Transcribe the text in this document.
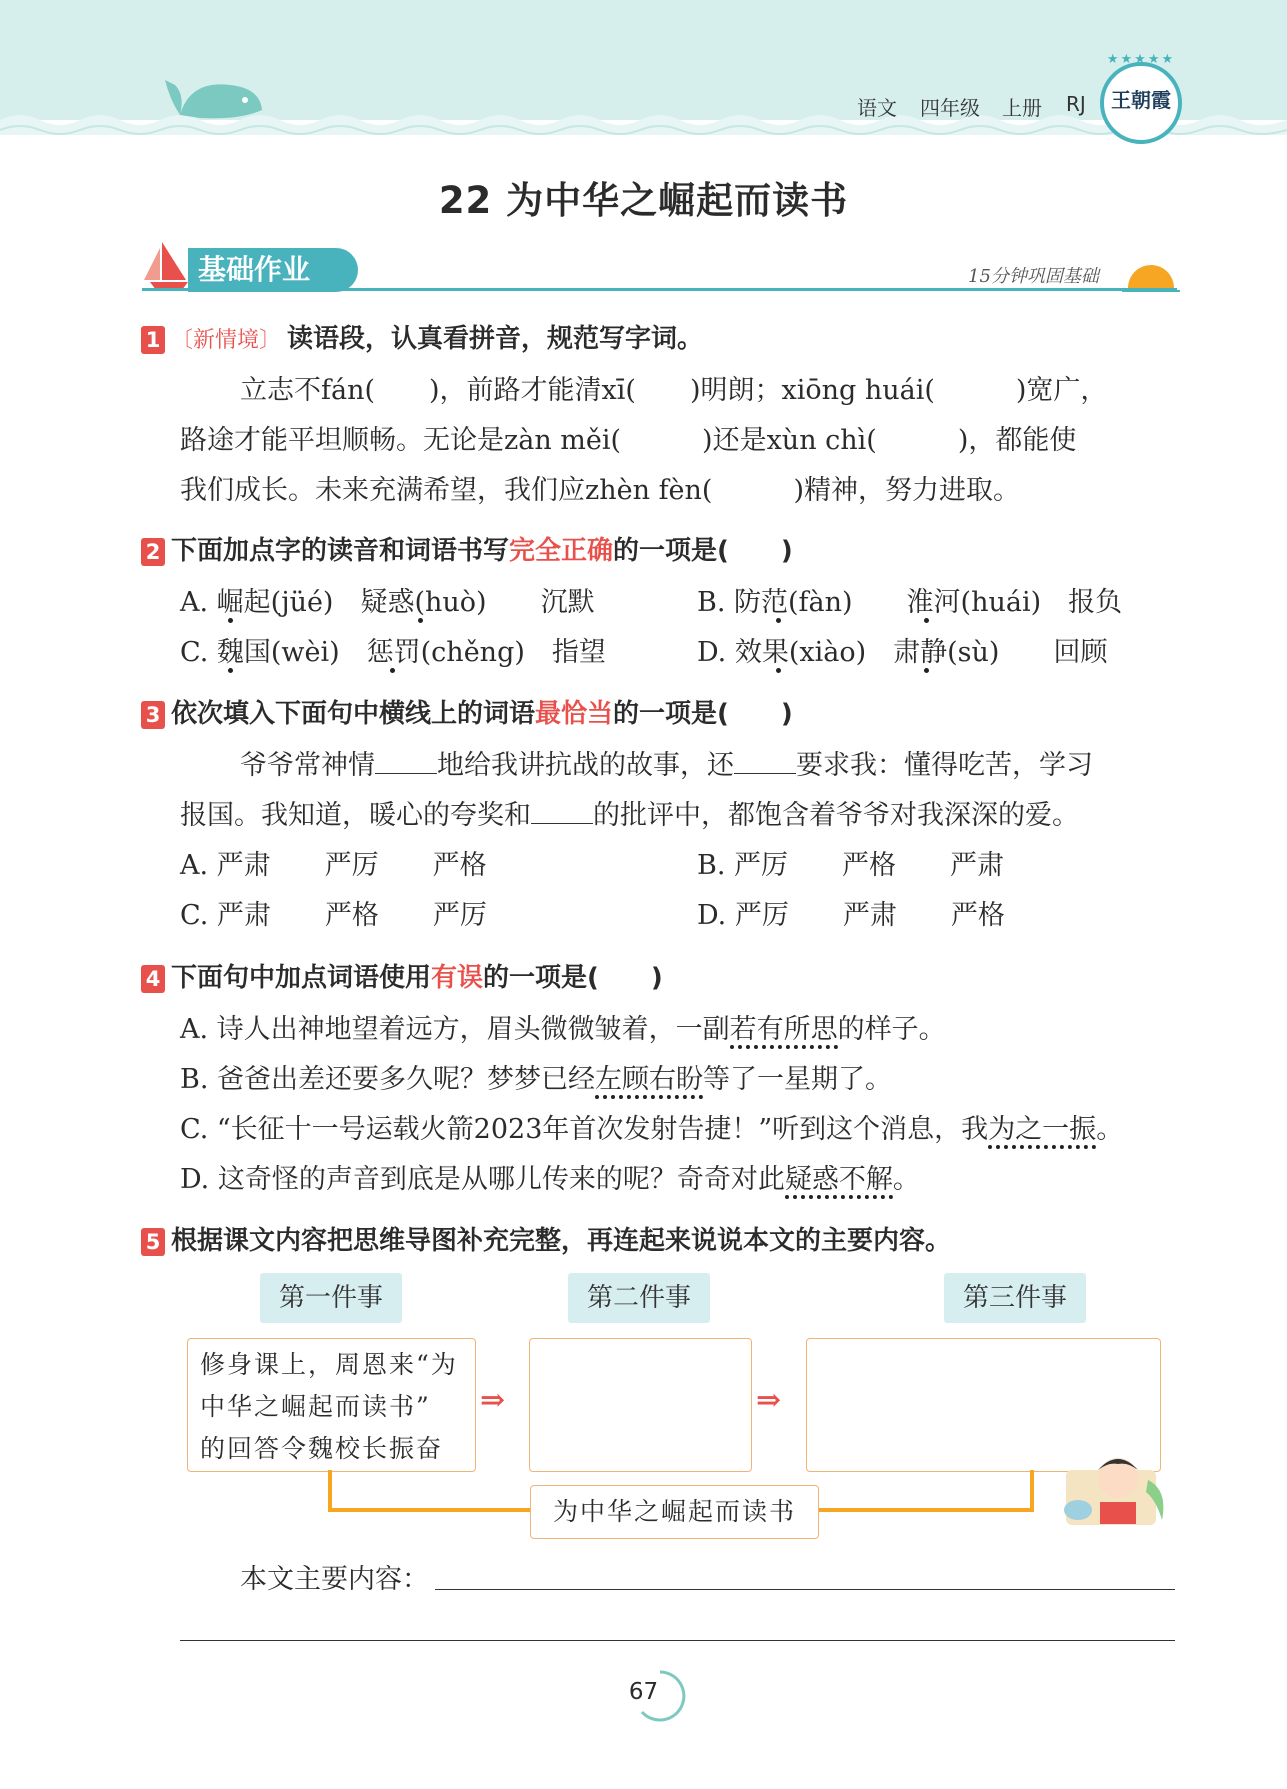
语文 四年级 上册 RJ
★★★★★
王朝霞
22 为中华之崛起而读书
基础作业	15分钟巩固基础
1 〔新情境〕 读语段，认真看拼音，规范写字词。
立志不fán(　　)，前路才能清xī(　　)明朗；xiōng huái(　　　)宽广，
路途才能平坦顺畅。无论是zàn měi(　　　)还是xùn chì(　　　)，都能使
我们成长。未来充满希望，我们应zhèn fèn(　　　)精神，努力进取。
2 下面加点字的读音和词语书写完全正确的一项是(　　)
A. 崛起(jüé)　疑惑(huò)　　沉默	B. 防范(fàn)　　淮河(huái)　报负
C. 魏国(wèi)　惩罚(chěng)　指望	D. 效果(xiào)　肃静(sù)　　回顾
3 依次填入下面句中横线上的词语最恰当的一项是(　　)
爷爷常神情 地给我讲抗战的故事，还 要求我：懂得吃苦，学习
报国。我知道，暖心的夸奖和 的批评中，都饱含着爷爷对我深深的爱。
A. 严肃　　严厉　　严格	B. 严厉　　严格　　严肃
C. 严肃　　严格　　严厉	D. 严厉　　严肃　　严格
4 下面句中加点词语使用有误的一项是(　　)
A. 诗人出神地望着远方，眉头微微皱着，一副若有所思的样子。
B. 爸爸出差还要多久呢？梦梦已经左顾右盼等了一星期了。
C. “长征十一号运载火箭2023年首次发射告捷！”听到这个消息，我为之一振。
D. 这奇怪的声音到底是从哪儿传来的呢？奇奇对此疑惑不解。
5 根据课文内容把思维导图补充完整，再连起来说说本文的主要内容。
第一件事	第二件事	第三件事
修身课上，周恩来“为
中华之崛起而读书”
的回答令魏校长振奋
⇒	⇒
为中华之崛起而读书
本文主要内容：
67
